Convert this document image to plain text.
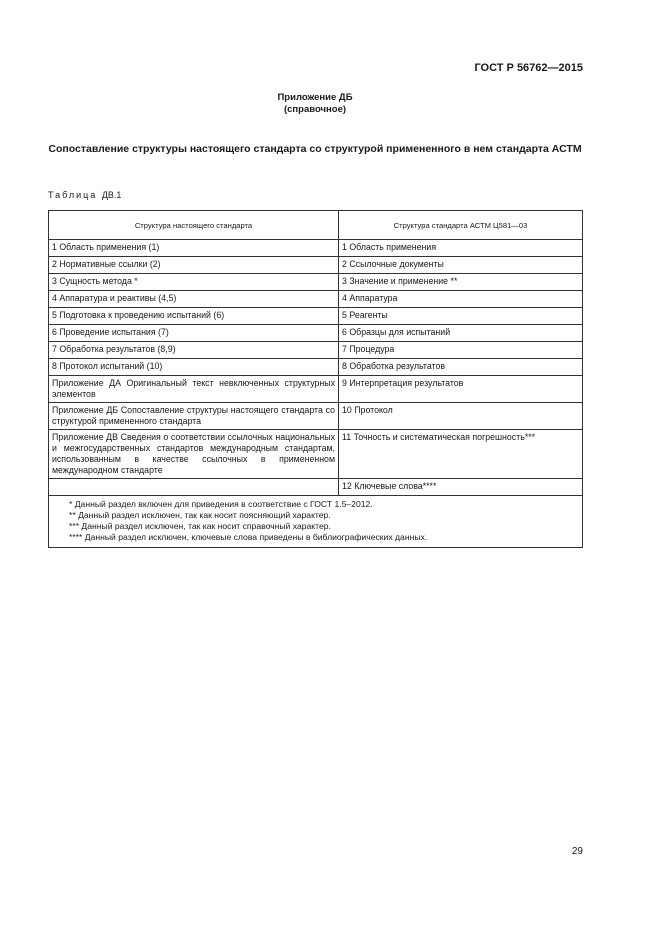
ГОСТ Р 56762—2015
Приложение ДБ
(справочное)
Сопоставление структуры настоящего стандарта со структурой примененного в нем стандарта АСТМ
Таблица ДВ.1
Структура настоящего стандарта	Структура стандарта АСТМ Ц581—03
1 Область применения (1)	1 Область применения
2 Нормативные ссылки (2)	2 Ссылочные документы
3 Сущность метода *	3 Значение и применение **
4 Аппаратура и реактивы (4,5)	4 Аппаратура
5 Подготовка к проведению испытаний (6)	5 Реагенты
6 Проведение испытания (7)	6 Образцы для испытаний
7 Обработка результатов (8,9)	7 Процедура
8 Протокол испытаний (10)	8 Обработка результатов
Приложение ДА Оригинальный текст невключенных структурных элементов	9 Интерпретация результатов
Приложение ДБ Сопоставление структуры настоящего стандарта со структурой примененного стандарта	10 Протокол
Приложение ДВ Сведения о соответствии ссылочных национальных и межгосударственных стандартов международным стандартам, использованным в качестве ссылочных в примененном международном стандарте	11 Точность и систематическая погрешность***
	12 Ключевые слова****

* Данный раздел включен для приведения в соответствие с ГОСТ 1.5–2012.
** Данный раздел исключен, так как носит поясняющий характер.
*** Данный раздел исключен, так как носит справочный характер.
**** Данный раздел исключен, ключевые слова приведены в библиографических данных.	
29
